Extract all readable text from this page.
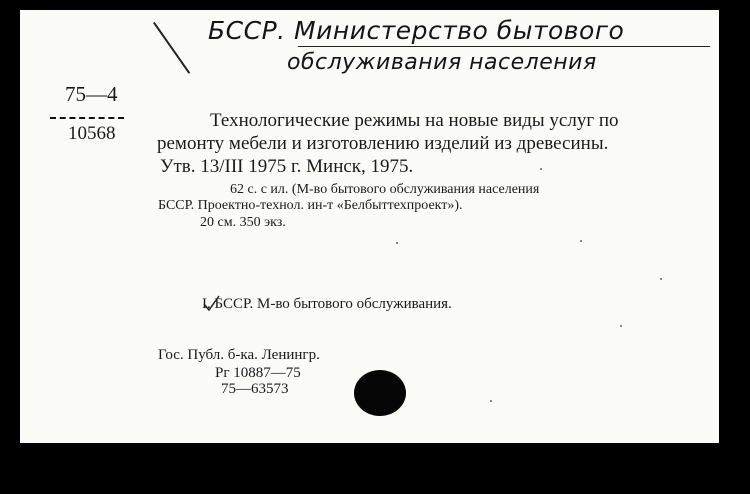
БССР. Министерство бытового
обслуживания населения
75—4
10568
Технологические режимы на новые виды услуг по
ремонту мебели и изготовлению изделий из древесины.
Утв. 13/III 1975 г. Минск, 1975.
62 с. с ил. (М-во бытового обслуживания населения
БССР. Проектно-технол. ин-т «Белбыттехпроект»).
20 см. 350 экз.
I. БССР. М-во бытового обслуживания.
Гос. Публ. б-ка. Ленингр.
Рг 10887—75
75—63573
